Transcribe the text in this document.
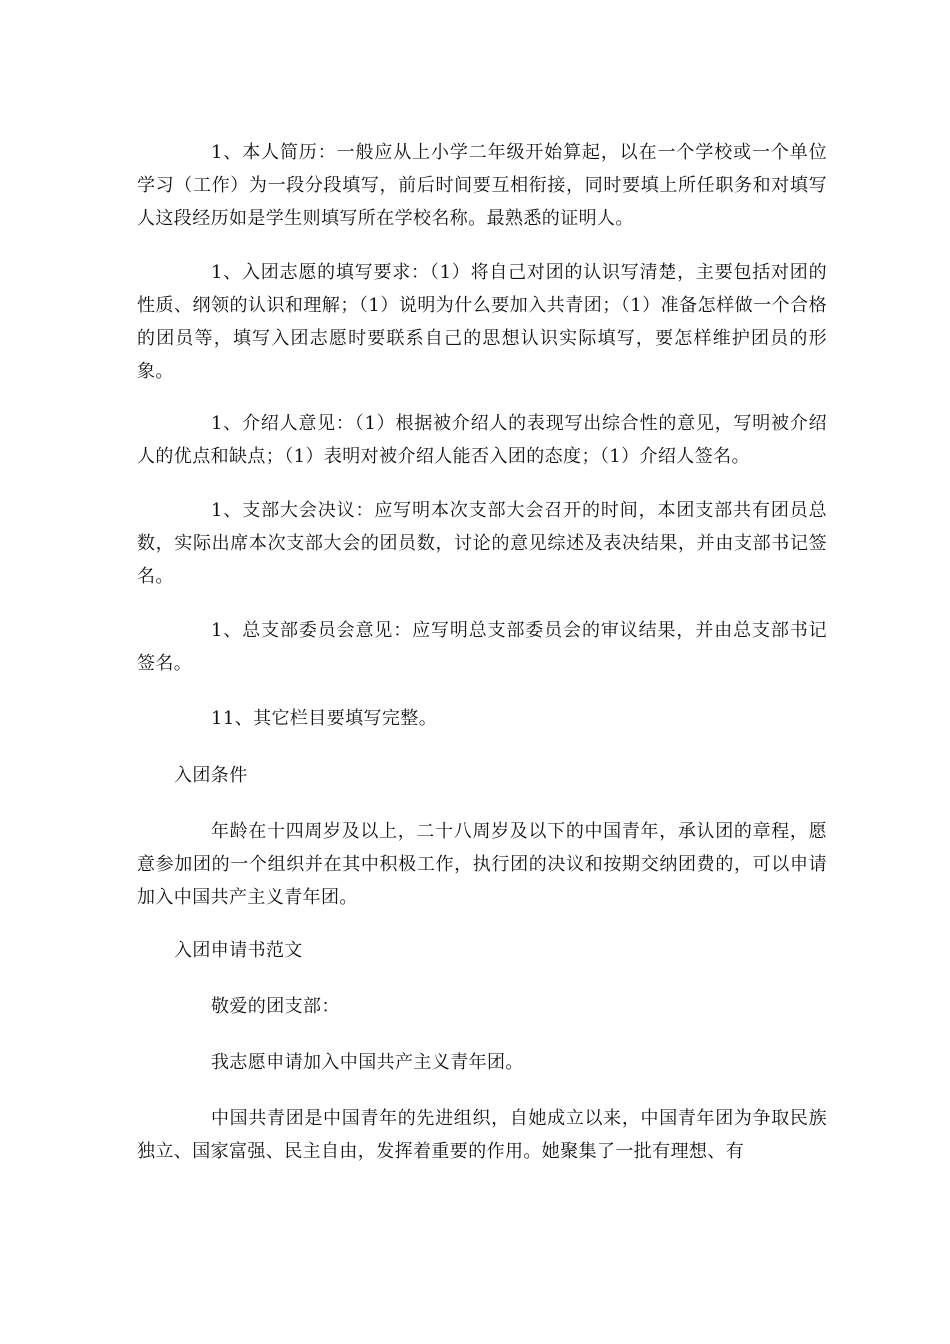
1、本人简历：一般应从上小学二年级开始算起，以在一个学校或一个单位学习（工作）为一段分段填写，前后时间要互相衔接，同时要填上所任职务和对填写人这段经历如是学生则填写所在学校名称。最熟悉的证明人。

1、入团志愿的填写要求：（1）将自己对团的认识写清楚，主要包括对团的性质、纲领的认识和理解；（1）说明为什么要加入共青团；（1）准备怎样做一个合格的团员等，填写入团志愿时要联系自己的思想认识实际填写，要怎样维护团员的形象。

1、介绍人意见：（1）根据被介绍人的表现写出综合性的意见，写明被介绍人的优点和缺点；（1）表明对被介绍人能否入团的态度；（1）介绍人签名。

1、支部大会决议：应写明本次支部大会召开的时间，本团支部共有团员总数，实际出席本次支部大会的团员数，讨论的意见综述及表决结果，并由支部书记签名。

1、总支部委员会意见：应写明总支部委员会的审议结果，并由总支部书记签名。

11、其它栏目要填写完整。

入团条件

年龄在十四周岁及以上，二十八周岁及以下的中国青年，承认团的章程，愿意参加团的一个组织并在其中积极工作，执行团的决议和按期交纳团费的，可以申请加入中国共产主义青年团。

入团申请书范文

敬爱的团支部：

我志愿申请加入中国共产主义青年团。

中国共青团是中国青年的先进组织，自她成立以来，中国青年团为争取民族独立、国家富强、民主自由，发挥着重要的作用。她聚集了一批有理想、有
